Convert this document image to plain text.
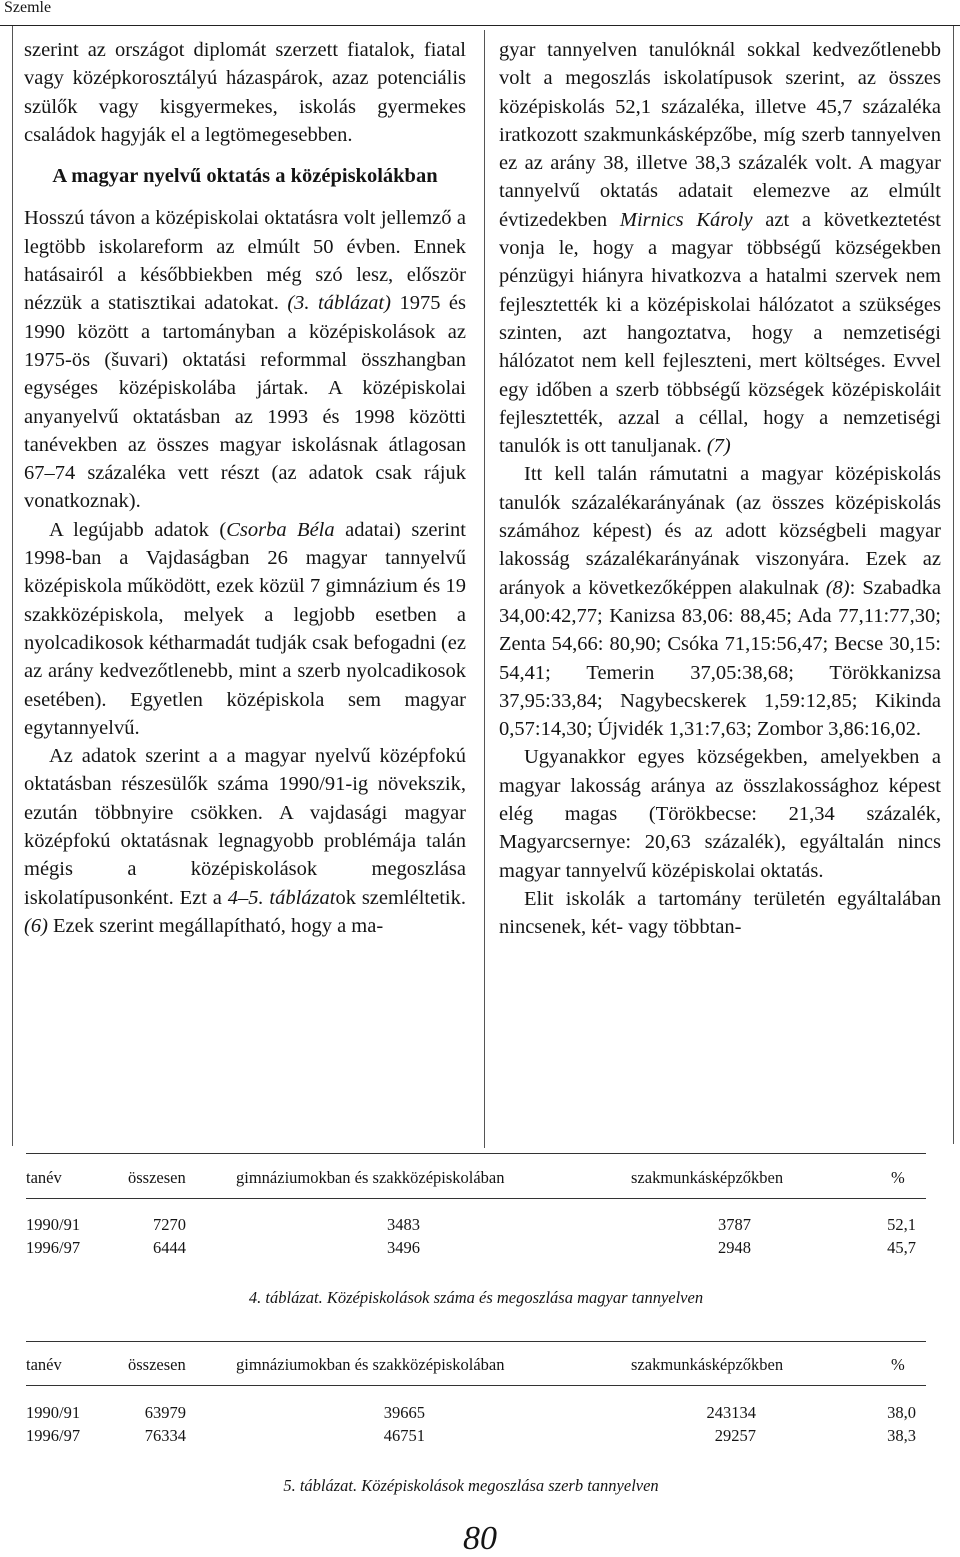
Szemle

szerint az országot diplomát szerzett fiatalok, fiatal vagy középkorosztályú házaspárok, azaz potenciális szülők vagy kisgyermekes, iskolás gyermekes családok hagyják el a legtömegesebben.

A magyar nyelvű oktatás a középiskolákban

Hosszú távon a középiskolai oktatásra volt jellemző a legtöbb iskolareform az elmúlt 50 évben. Ennek hatásairól a későbbiekben még szó lesz, először nézzük a statisztikai adatokat. (3. táblázat) 1975 és 1990 között a tartományban a középiskolások az 1975-ös (šuvari) oktatási reformmal összhangban egységes középiskolába jártak. A középiskolai anyanyelvű oktatásban az 1993 és 1998 közötti tanévekben az összes magyar iskolásnak átlagosan 67–74 százaléka vett részt (az adatok csak rájuk vonatkoznak).

A legújabb adatok (Csorba Béla adatai) szerint 1998-ban a Vajdaságban 26 magyar tannyelvű középiskola működött, ezek közül 7 gimnázium és 19 szakközépiskola, melyek a legjobb esetben a nyolcadikosok kétharmadát tudják csak befogadni (ez az arány kedvezőtlenebb, mint a szerb nyolcadikosok esetében). Egyetlen középiskola sem magyar egytannyelvű.

Az adatok szerint a a magyar nyelvű középfokú oktatásban részesülők száma 1990/91-ig növekszik, ezután többnyire csökken. A vajdasági magyar középfokú oktatásnak legnagyobb problémája talán mégis a középiskolások megoszlása iskolatípusonként. Ezt a 4–5. táblázatok szemléltetik. (6) Ezek szerint megállapítható, hogy a ma-

gyar tannyelven tanulóknál sokkal kedvezőtlenebb volt a megoszlás iskolatípusok szerint, az összes középiskolás 52,1 százaléka, illetve 45,7 százaléka iratkozott szakmunkásképzőbe, míg szerb tannyelven ez az arány 38, illetve 38,3 százalék volt. A magyar tannyelvű oktatás adatait elemezve az elmúlt évtizedekben Mirnics Károly azt a következtetést vonja le, hogy a magyar többségű községekben pénzügyi hiányra hivatkozva a hatalmi szervek nem fejlesztették ki a középiskolai hálózatot a szükséges szinten, azt hangoztatva, hogy a nemzetiségi hálózatot nem kell fejleszteni, mert költséges. Evvel egy időben a szerb többségű községek középiskoláit fejlesztették, azzal a céllal, hogy a nemzetiségi tanulók is ott tanuljanak. (7)

Itt kell talán rámutatni a magyar középiskolás tanulók százalékarányának (az összes középiskolás számához képest) és az adott községbeli magyar lakosság százalékarányának viszonyára. Ezek az arányok a következőképpen alakulnak (8): Szabadka 34,00:42,77; Kanizsa 83,06: 88,45; Ada 77,11:77,30; Zenta 54,66: 80,90; Csóka 71,15:56,47; Becse 30,15: 54,41; Temerin 37,05:38,68; Törökkanizsa 37,95:33,84; Nagybecskerek 1,59:12,85; Kikinda 0,57:14,30; Újvidék 1,31:7,63; Zombor 3,86:16,02.

Ugyanakkor egyes községekben, amelyekben a magyar lakosság aránya az összlakossághoz képest elég magas (Törökbecse: 21,34 százalék, Magyarcsernye: 20,63 százalék), egyáltalán nincs magyar tannyelvű középiskolai oktatás.

Elit iskolák a tartomány területén egyáltalában nincsenek, két- vagy többtan-

tanév	összesen	gimnáziumokban és szakközépiskolában	szakmunkásképzőkben	%
1990/91	7270	3483	3787	52,1
1996/97	6444	3496	2948	45,7
4. táblázat. Középiskolások száma és megoszlása magyar tannyelven
tanév	összesen	gimnáziumokban és szakközépiskolában	szakmunkásképzőkben	%
1990/91	63979	39665	243134	38,0
1996/97	76334	46751	29257	38,3
5. táblázat. Középiskolások megoszlása szerb tannyelven
80
